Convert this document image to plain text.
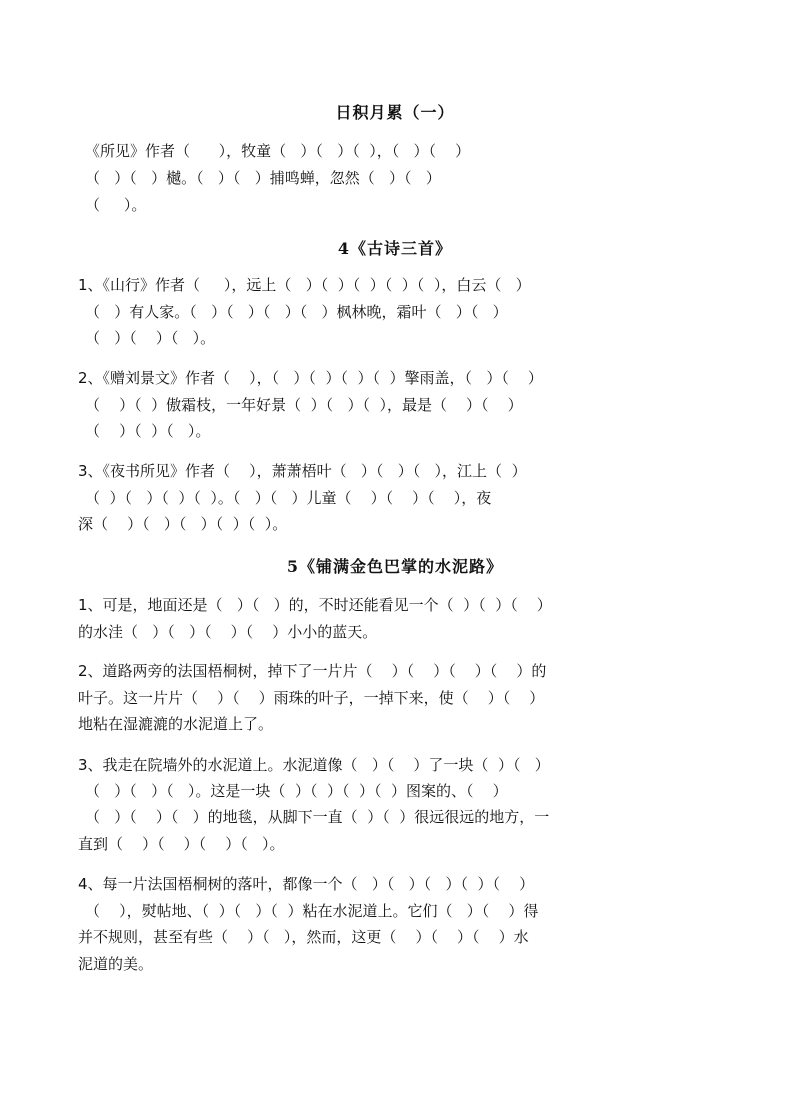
日积月累（一）
《所见》作者（      ），牧童（   ）（   ）（  ），（   ）（    ）
（   ）（   ）樾。（   ）（   ）捕鸣蝉，忽然（   ）（   ）
（     ）。
4《古诗三首》
1、《山行》作者（     ），远上（   ）（  ）（  ）（  ）（  ），白云（   ）
（   ）有人家。（   ）（   ）（   ）（   ）枫林晚，霜叶（   ）（   ）
（   ）（    ）（   ）。
2、《赠刘景文》作者（    ），（   ）（  ）（  ）（  ）擎雨盖，（   ）（    ）
（    ）（  ）傲霜枝，一年好景（  ）（   ）（  ），最是（    ）（    ）
（    ）（  ）（   ）。
3、《夜书所见》作者（    ），萧萧梧叶（   ）（   ）（   ），江上（  ）
（  ）（   ）（  ）（  ）。（   ）（   ）儿童（    ）（    ）（    ），夜
深（    ）（   ）（   ）（  ）（  ）。
5《铺满金色巴掌的水泥路》
1、可是，地面还是（   ）（   ）的，不时还能看见一个（  ）（  ）（    ）
的水洼（   ）（   ）（    ）（    ）小小的蓝天。
2、道路两旁的法国梧桐树，掉下了一片片（    ）（    ）（    ）（    ）的
叶子。这一片片（    ）（    ）雨珠的叶子，一掉下来，使（    ）（    ）
地粘在湿漉漉的水泥道上了。
3、我走在院墙外的水泥道上。水泥道像（   ）（    ）了一块（  ）（   ）
（   ）（   ）（   ）。这是一块（  ）（  ）（  ）（  ）图案的、（    ）
（   ）（    ）（   ）的地毯，从脚下一直（  ）（  ）很远很远的地方，一
直到（    ）（    ）（    ）（   ）。
4、每一片法国梧桐树的落叶，都像一个（   ）（   ）（   ）（  ）（    ）
（    ），熨帖地、（  ）（   ）（  ）粘在水泥道上。它们（   ）（    ）得
并不规则，甚至有些（    ）（   ），然而，这更（    ）（    ）（    ）水
泥道的美。
